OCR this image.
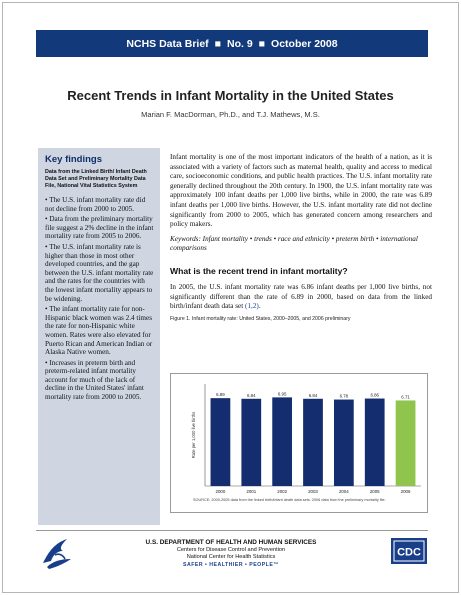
NCHS Data Brief ■ No. 9 ■ October 2008
Recent Trends in Infant Mortality in the United States
Marian F. MacDorman, Ph.D., and T.J. Mathews, M.S.
Key findings
Data from the Linked Birth/ Infant Death Data Set and Preliminary Mortality Data File, National Vital Statistics System
• The U.S. infant mortality rate did not decline from 2000 to 2005.
• Data from the preliminary mortality file suggest a 2% decline in the infant mortality rate from 2005 to 2006.
• The U.S. infant mortality rate is higher than those in most other developed countries, and the gap between the U.S. infant mortality rate and the rates for the countries with the lowest infant mortality appears to be widening.
• The infant mortality rate for non-Hispanic black women was 2.4 times the rate for non-Hispanic white women. Rates were also elevated for Puerto Rican and American Indian or Alaska Native women.
• Increases in preterm birth and preterm-related infant mortality account for much of the lack of decline in the United States' infant mortality rate from 2000 to 2005.

Infant mortality is one of the most important indicators of the health of a nation, as it is associated with a variety of factors such as maternal health, quality and access to medical care, socioeconomic conditions, and public health practices. The U.S. infant mortality rate generally declined throughout the 20th century. In 1900, the U.S. infant mortality rate was approximately 100 infant deaths per 1,000 live births, while in 2000, the rate was 6.89 infant deaths per 1,000 live births. However, the U.S. infant mortality rate did not decline significantly from 2000 to 2005, which has generated concern among researchers and policy makers.

Keywords: Infant mortality • trends • race and ethnicity • preterm birth • international comparisons

What is the recent trend in infant mortality?

In 2005, the U.S. infant mortality rate was 6.86 infant deaths per 1,000 live births, not significantly different than the rate of 6.89 in 2000, based on data from the linked birth/infant death data set (1,2).

Figure 1. Infant mortality rate: United States, 2000–2005, and 2006 preliminary
Rate per 1,000 live births
6.89
2000
6.84
2001
6.95
2002
6.84
2003
6.78
2004
6.86
2005
6.71
2006
SOURCE: 2000-2005 data from the linked birth/infant death data sets. 2006 data from the preliminary mortality file.
U.S. DEPARTMENT OF HEALTH AND HUMAN SERVICES
Centers for Disease Control and Prevention
National Center for Health Statistics
SAFER • HEALTHIER • PEOPLE™
CDC
